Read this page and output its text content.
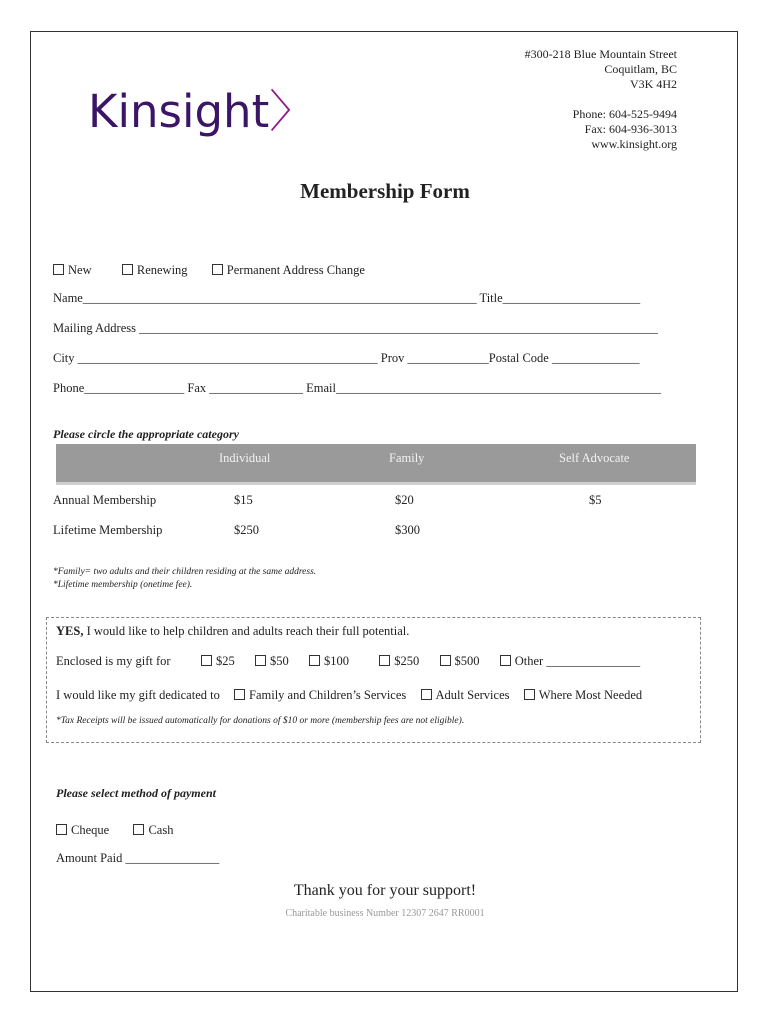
Kinsight〉
#300-218 Blue Mountain Street
Coquitlam, BC
V3K 4H2
Phone: 604-525-9494
Fax: 604-936-3013
www.kinsight.org
Membership Form
New	Renewing	Permanent Address Change
Name_______________________________________________________________ Title______________________
Mailing Address ___________________________________________________________________________________
City ________________________________________________ Prov _____________Postal Code ______________
Phone________________ Fax _______________ Email____________________________________________________
Please circle the appropriate category
Individual	Family	Self Advocate
Annual Membership	$15	$20	$5
Lifetime Membership	$250	$300
*Family= two adults and their children residing at the same address.
*Lifetime membership (onetime fee).
YES, I would like to help children and adults reach their full potential.
Enclosed is my gift for	$25	$50	$100	$250	$500	Other _______________
I would like my gift dedicated to	Family and Children’s Services Adult Services Where Most Needed
*Tax Receipts will be issued automatically for donations of $10 or more (membership fees are not eligible).
Please select method of payment
Cheque	Cash
Amount Paid _______________
Thank you for your support!
Charitable business Number 12307 2647 RR0001
